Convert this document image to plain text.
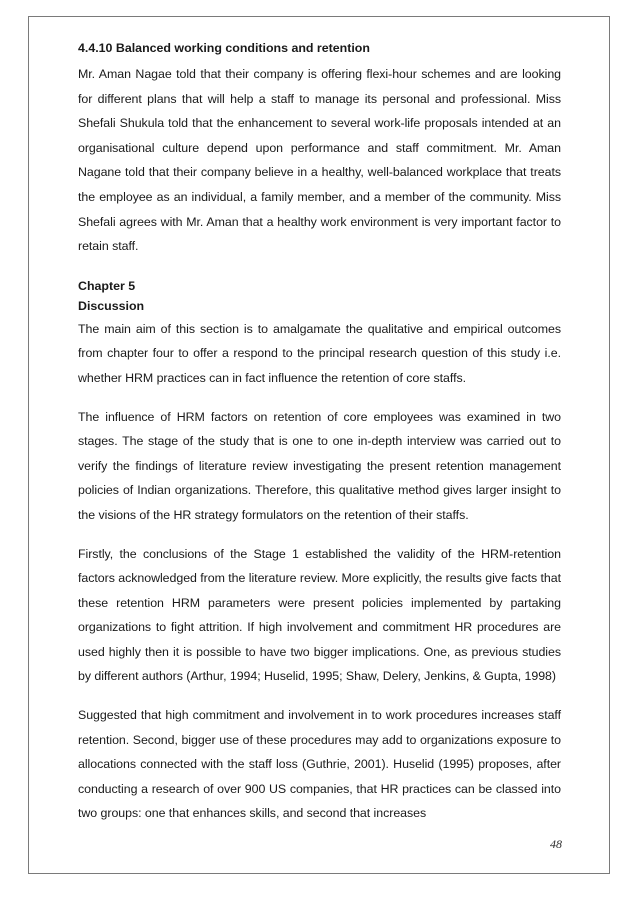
4.4.10 Balanced working conditions and retention

Mr. Aman Nagae told that their company is offering flexi-hour schemes and are looking for different plans that will help a staff to manage its personal and professional. Miss Shefali Shukula told that the enhancement to several work-life proposals intended at an organisational culture depend upon performance and staff commitment. Mr. Aman Nagane told that their company believe in a healthy, well-balanced workplace that treats the employee as an individual, a family member, and a member of the community. Miss Shefali agrees with Mr. Aman that a healthy work environment is very important factor to retain staff.

Chapter 5
Discussion

The main aim of this section is to amalgamate the qualitative and empirical outcomes from chapter four to offer a respond to the principal research question of this study i.e. whether HRM practices can in fact influence the retention of core staffs.

The influence of HRM factors on retention of core employees was examined in two stages. The stage of the study that is one to one in-depth interview was carried out to verify the findings of literature review investigating the present retention management policies of Indian organizations. Therefore, this qualitative method gives larger insight to the visions of the HR strategy formulators on the retention of their staffs.

Firstly, the conclusions of the Stage 1 established the validity of the HRM-retention factors acknowledged from the literature review. More explicitly, the results give facts that these retention HRM parameters were present policies implemented by partaking organizations to fight attrition. If high involvement and commitment HR procedures are used highly then it is possible to have two bigger implications. One, as previous studies by different authors (Arthur, 1994; Huselid, 1995; Shaw, Delery, Jenkins, & Gupta, 1998)

Suggested that high commitment and involvement in to work procedures increases staff retention. Second, bigger use of these procedures may add to organizations exposure to allocations connected with the staff loss (Guthrie, 2001). Huselid (1995) proposes, after conducting a research of over 900 US companies, that HR practices can be classed into two groups: one that enhances skills, and second that increases

48
